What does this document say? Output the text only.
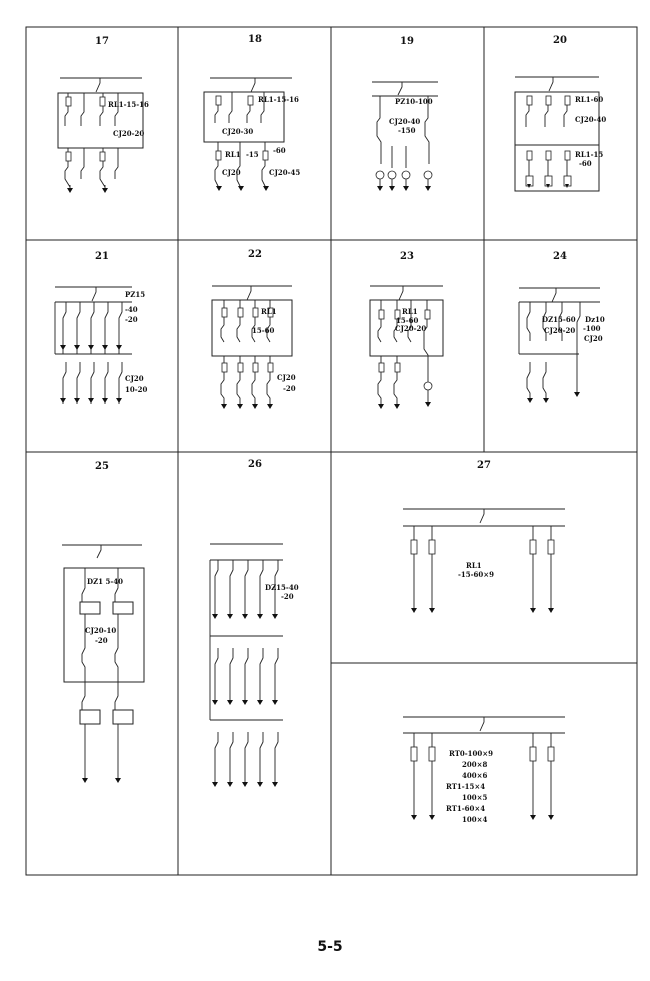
17	18	19	20
21	22	23	24
25	26	27
RL1-15-16
CJ20-20
RL1-15-16
CJ20-30
RL1 -15 -60
CJ20	CJ20-45
PZ10-100
CJ20-40
-150
RL1-60
CJ20-40
RL1-15
-60
PZ15
-40
-20
CJ20
10-20
RL1
15-60
CJ20
-20
RL1
15-60
CJ20-20
DZ15-60
CJ20-20
Dz10
-100
CJ20
DZ1 5-40
CJ20-10
-20
DZ15-40
-20
RL1
-15-60×9
RT0-100×9
200×8
400×6
RT1-15×4
100×5
RT1-60×4
100×4
5-5
